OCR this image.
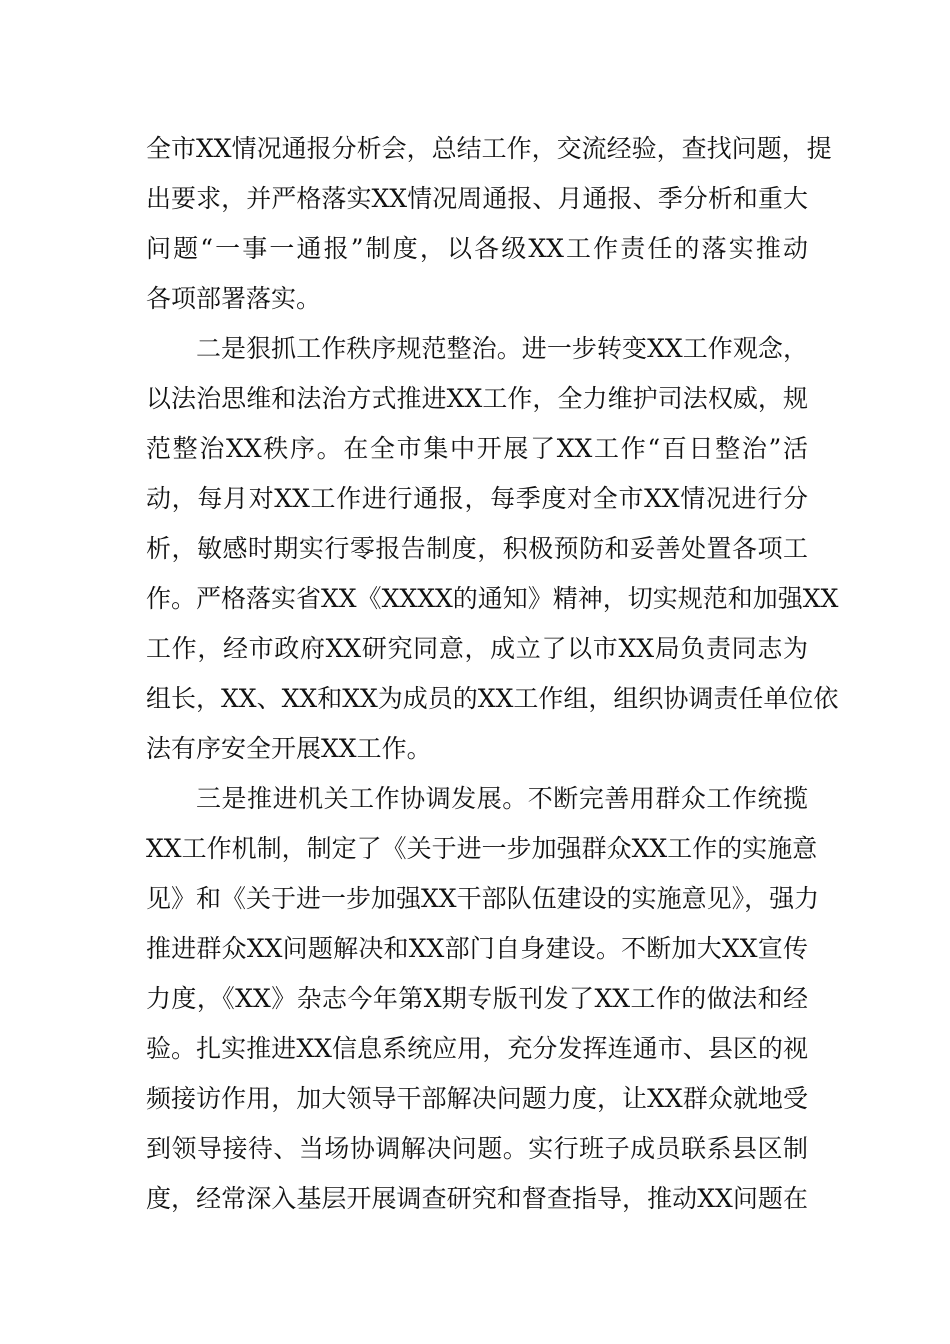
全市XX情况通报分析会，总结工作，交流经验，查找问题，提
出要求，并严格落实XX情况周通报、月通报、季分析和重大
问题“一事一通报”制度，以各级XX工作责任的落实推动
各项部署落实。
二是狠抓工作秩序规范整治。进一步转变XX工作观念，
以法治思维和法治方式推进XX工作，全力维护司法权威，规
范整治XX秩序。在全市集中开展了XX工作“百日整治”活
动，每月对XX工作进行通报，每季度对全市XX情况进行分
析，敏感时期实行零报告制度，积极预防和妥善处置各项工
作。严格落实省XX《XXXX的通知》精神，切实规范和加强XX
工作，经市政府XX研究同意，成立了以市XX局负责同志为
组长，XX、XX和XX为成员的XX工作组，组织协调责任单位依
法有序安全开展XX工作。
三是推进机关工作协调发展。不断完善用群众工作统揽
XX工作机制，制定了《关于进一步加强群众XX工作的实施意
见》和《关于进一步加强XX干部队伍建设的实施意见》，强力
推进群众XX问题解决和XX部门自身建设。不断加大XX宣传
力度，《XX》杂志今年第X期专版刊发了XX工作的做法和经
验。扎实推进XX信息系统应用，充分发挥连通市、县区的视
频接访作用，加大领导干部解决问题力度，让XX群众就地受
到领导接待、当场协调解决问题。实行班子成员联系县区制
度，经常深入基层开展调查研究和督查指导，推动XX问题在
